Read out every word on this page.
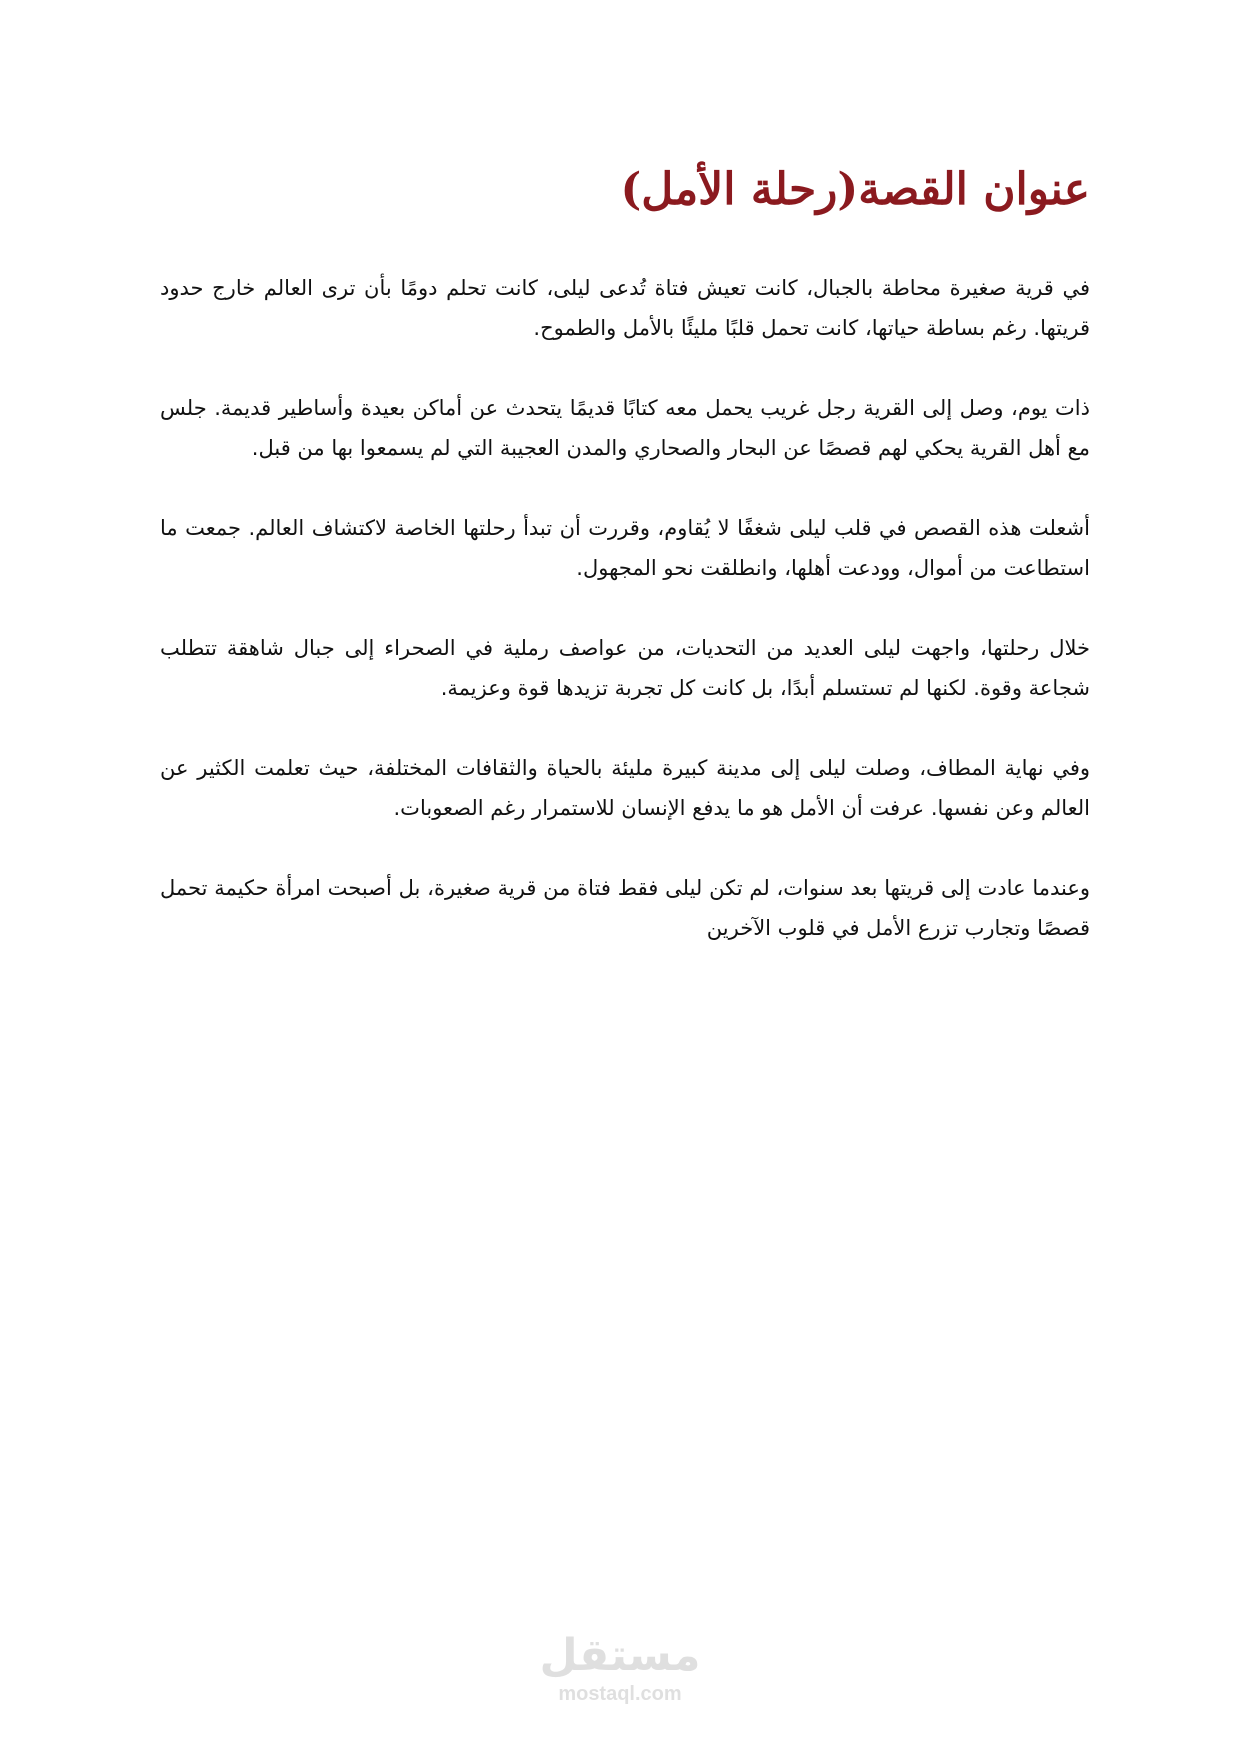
عنوان القصة(رحلة الأمل)

في قرية صغيرة محاطة بالجبال، كانت تعيش فتاة تُدعى ليلى، كانت تحلم دومًا بأن ترى العالم خارج حدود قريتها. رغم بساطة حياتها، كانت تحمل قلبًا مليئًا بالأمل والطموح.

ذات يوم، وصل إلى القرية رجل غريب يحمل معه كتابًا قديمًا يتحدث عن أماكن بعيدة وأساطير قديمة. جلس مع أهل القرية يحكي لهم قصصًا عن البحار والصحاري والمدن العجيبة التي لم يسمعوا بها من قبل.

أشعلت هذه القصص في قلب ليلى شغفًا لا يُقاوم، وقررت أن تبدأ رحلتها الخاصة لاكتشاف العالم. جمعت ما استطاعت من أموال، وودعت أهلها، وانطلقت نحو المجهول.

خلال رحلتها، واجهت ليلى العديد من التحديات، من عواصف رملية في الصحراء إلى جبال شاهقة تتطلب شجاعة وقوة. لكنها لم تستسلم أبدًا، بل كانت كل تجربة تزيدها قوة وعزيمة.

وفي نهاية المطاف، وصلت ليلى إلى مدينة كبيرة مليئة بالحياة والثقافات المختلفة، حيث تعلمت الكثير عن العالم وعن نفسها. عرفت أن الأمل هو ما يدفع الإنسان للاستمرار رغم الصعوبات.

وعندما عادت إلى قريتها بعد سنوات، لم تكن ليلى فقط فتاة من قرية صغيرة، بل أصبحت امرأة حكيمة تحمل قصصًا وتجارب تزرع الأمل في قلوب الآخرين

مستقل
mostaql.com
